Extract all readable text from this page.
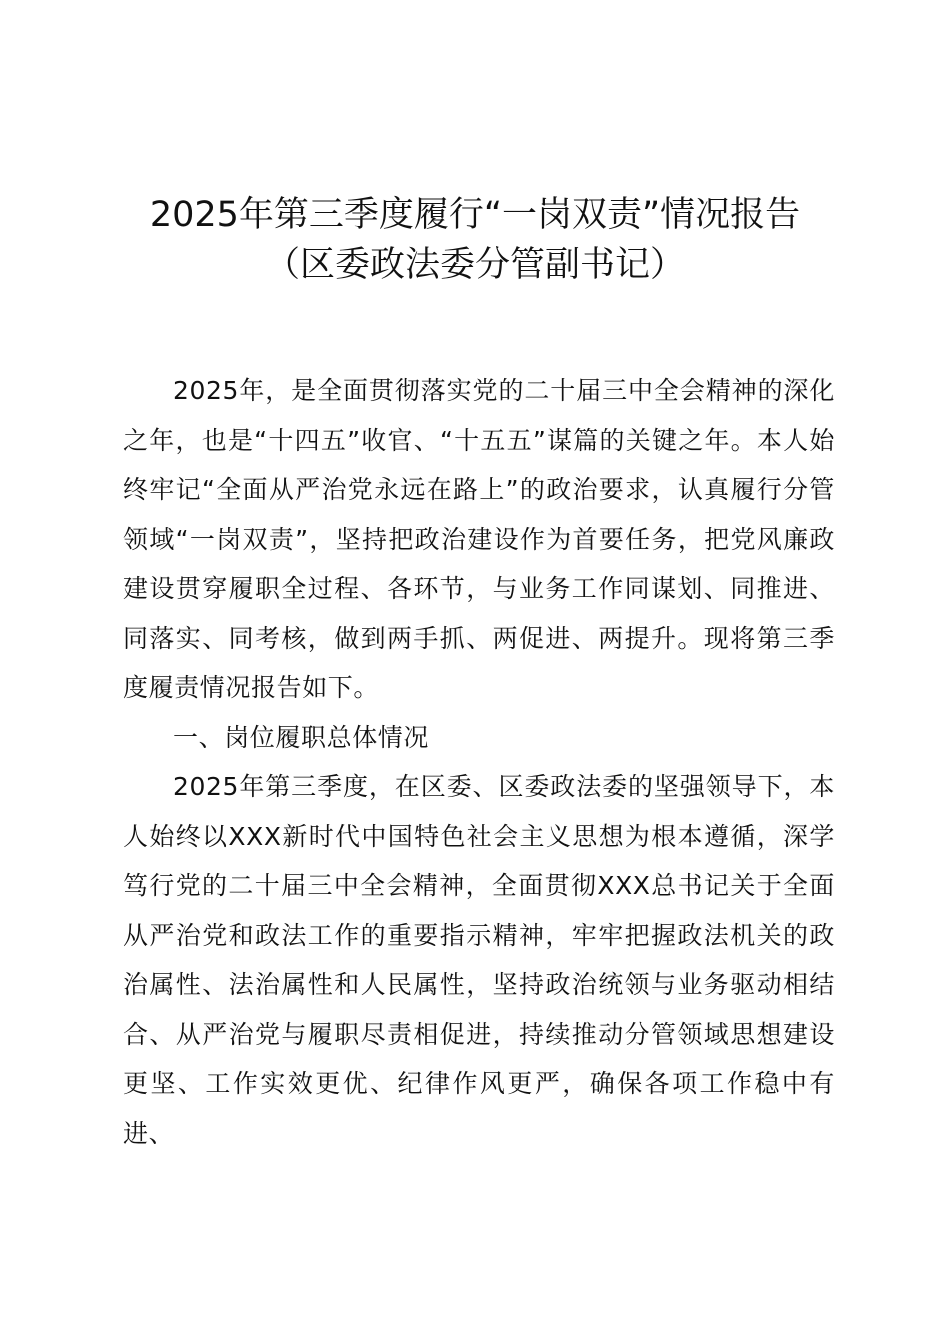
2025年第三季度履行“一岗双责”情况报告
（区委政法委分管副书记）

2025年，是全面贯彻落实党的二十届三中全会精神的深化之年，也是“十四五”收官、“十五五”谋篇的关键之年。本人始终牢记“全面从严治党永远在路上”的政治要求，认真履行分管领域“一岗双责”，坚持把政治建设作为首要任务，把党风廉政建设贯穿履职全过程、各环节，与业务工作同谋划、同推进、同落实、同考核，做到两手抓、两促进、两提升。现将第三季度履责情况报告如下。

一、岗位履职总体情况

2025年第三季度，在区委、区委政法委的坚强领导下，本人始终以XXX新时代中国特色社会主义思想为根本遵循，深学笃行党的二十届三中全会精神，全面贯彻XXX总书记关于全面从严治党和政法工作的重要指示精神，牢牢把握政法机关的政治属性、法治属性和人民属性，坚持政治统领与业务驱动相结合、从严治党与履职尽责相促进，持续推动分管领域思想建设更坚、工作实效更优、纪律作风更严，确保各项工作稳中有进、
